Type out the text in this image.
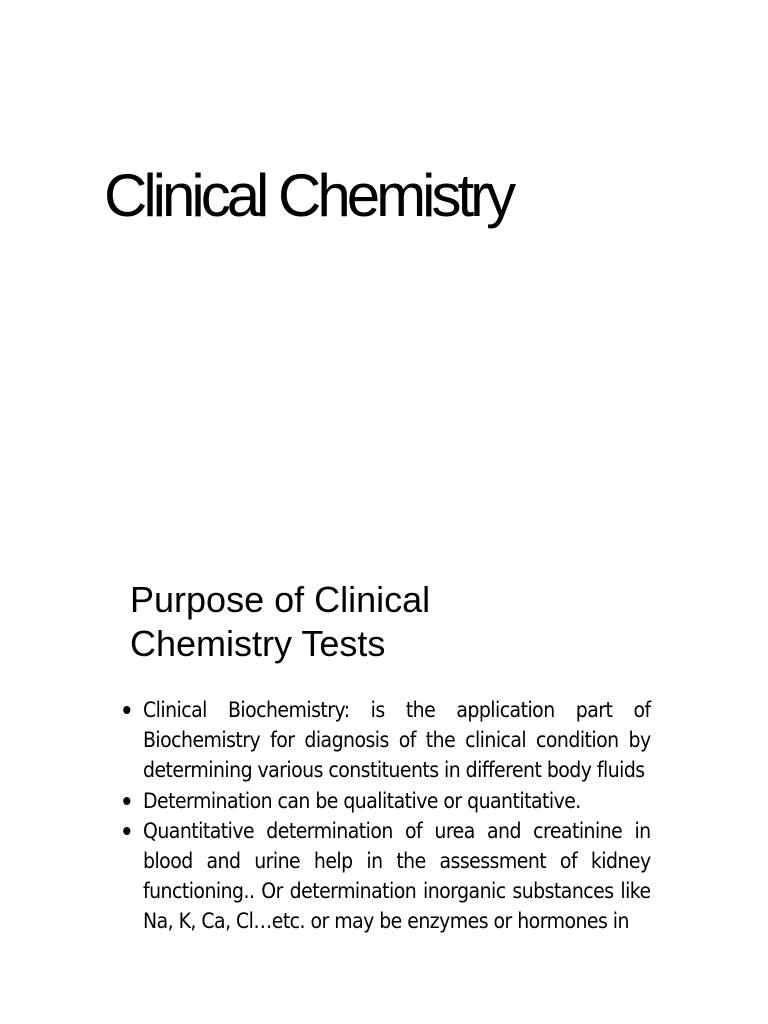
Clinical Chemistry
Purpose of Clinical
Chemistry Tests
Clinical Biochemistry: is the application part of Biochemistry for diagnosis of the clinical condition by determining various constituents in different body fluids
Determination can be qualitative or quantitative.
Quantitative determination of urea and creatinine in blood and urine help in the assessment of kidney functioning.. Or determination inorganic substances like Na, K, Ca, Cl…etc. or may be enzymes or hormones in
